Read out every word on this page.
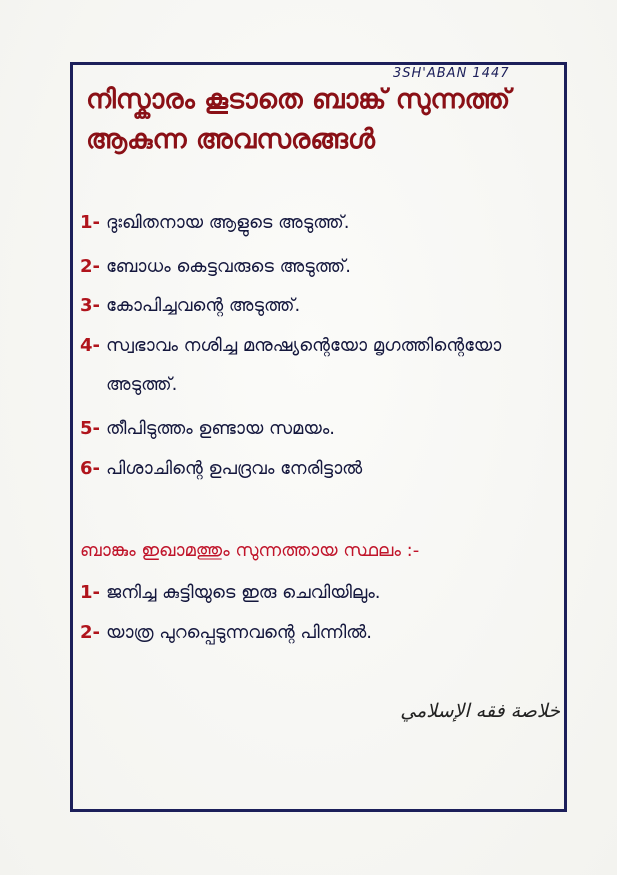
3SH'ABAN 1447
നിസ്കാരം കൂടാതെ ബാങ്ക് സുന്നത്ത്
ആകുന്ന അവസരങ്ങൾ
1- ദുഃഖിതനായ ആളുടെ അടുത്ത്.
2- ബോധം കെട്ടവരുടെ അടുത്ത്.
3- കോപിച്ചവന്റെ അടുത്ത്.
4- സ്വഭാവം നശിച്ച മനുഷ്യന്റെയോ മൃഗത്തിന്റെയോ
അടുത്ത്.
5- തീപിടുത്തം ഉണ്ടായ സമയം.
6- പിശാചിന്റെ ഉപദ്രവം നേരിട്ടാൽ
ബാങ്കും ഇഖാമത്തും സുന്നത്തായ സ്ഥലം :-
1- ജനിച്ച കുട്ടിയുടെ ഇരു ചെവിയിലും.
2- യാത്ര പുറപ്പെടുന്നവന്റെ പിന്നിൽ.
خلاصة فقه الإسلامي
